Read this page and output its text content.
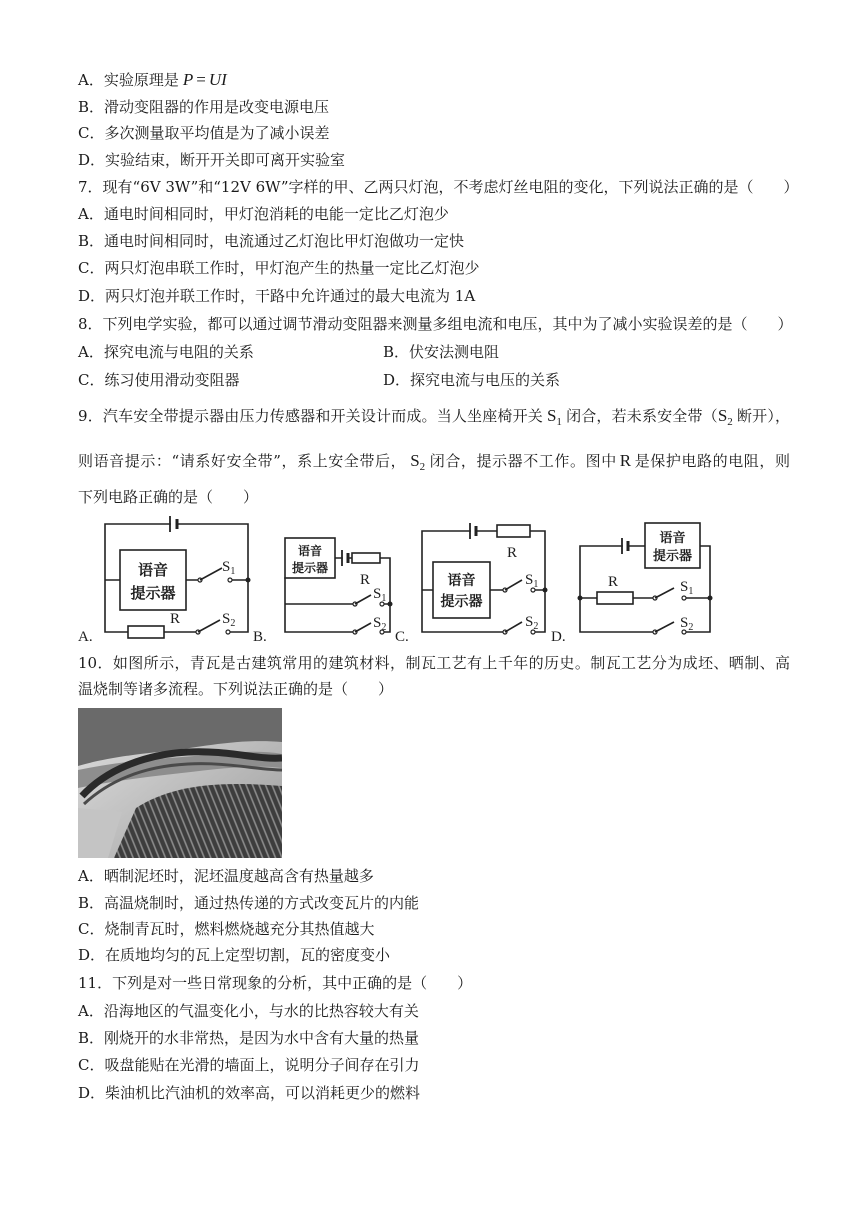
A．实验原理是 P = UI
B．滑动变阻器的作用是改变电源电压
C．多次测量取平均值是为了减小误差
D．实验结束，断开开关即可离开实验室
7．现有“6V 3W”和“12V 6W”字样的甲、乙两只灯泡，不考虑灯丝电阻的变化，下列说法正确的是（　　）
A．通电时间相同时，甲灯泡消耗的电能一定比乙灯泡少
B．通电时间相同时，电流通过乙灯泡比甲灯泡做功一定快
C．两只灯泡串联工作时，甲灯泡产生的热量一定比乙灯泡少
D．两只灯泡并联工作时，干路中允许通过的最大电流为 1A
8．下列电学实验，都可以通过调节滑动变阻器来测量多组电流和电压，其中为了减小实验误差的是（　　）
A．探究电流与电阻的关系	B．伏安法测电阻
C．练习使用滑动变阻器	D．探究电流与电压的关系
9．汽车安全带提示器由压力传感器和开关设计而成。当人坐座椅开关 $S_1$ 闭合，若未系安全带（$S_2$ 断开），
则语音提示：“请系好安全带”，系上安全带后， $S_2$ 闭合，提示器不工作。图中 R 是保护电路的电阻，则
下列电路正确的是（　　）
语音
提示器
R
S1
S2
语音
提示器
R
S1
S2
语音
提示器
R
S1
S2
语音
提示器
R	S1
S2
A.	B.	C.	D.
10．如图所示，青瓦是古建筑常用的建筑材料，制瓦工艺有上千年的历史。制瓦工艺分为成坯、晒制、高
温烧制等诸多流程。下列说法正确的是（　　）
A．晒制泥坯时，泥坯温度越高含有热量越多
B．高温烧制时，通过热传递的方式改变瓦片的内能
C．烧制青瓦时，燃料燃烧越充分其热值越大
D．在质地均匀的瓦上定型切割，瓦的密度变小
11．下列是对一些日常现象的分析，其中正确的是（　　）
A．沿海地区的气温变化小，与水的比热容较大有关
B．刚烧开的水非常热，是因为水中含有大量的热量
C．吸盘能贴在光滑的墙面上，说明分子间存在引力
D．柴油机比汽油机的效率高，可以消耗更少的燃料
